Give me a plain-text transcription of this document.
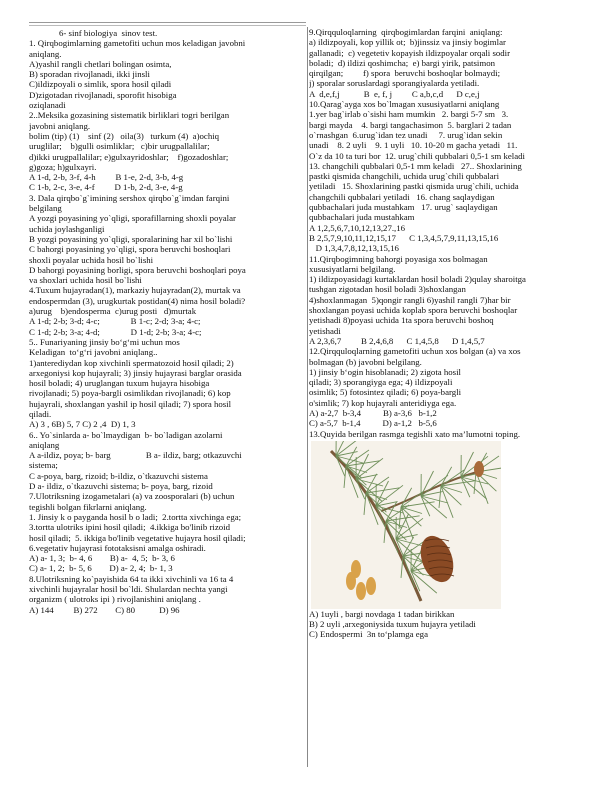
6- sinf biologiya  sinov test.
1. Qirqbogimlarning gametofiti uchun mos keladigan javobni
aniqlang.
A)yashil rangli chetlari bolingan osimta,
B) sporadan rivojlanadi, ikki jinsli
C)ildizpoyali o simlik, spora hosil qiladi
D)zigotadan rivojlanadi, sporofit hisobiga
oziqlanadi
2..Meksika gozasining sistematik birliklari togri berilgan
javobni aniqlang.
bolim (tip) (1)    sinf (2)   oila(3)   turkum (4)  a)ochiq
uruglilar;    b)gulli osimliklar;   c)bir urugpallalilar;
d)ikki urugpallalilar; e)gulxayridoshlar;    f)gozadoshlar;
g)goza; h)gulxayri.
A 1-d, 2-b, 3-f, 4-h         B 1-e, 2-d, 3-b, 4-g
C 1-b, 2-c, 3-e, 4-f         D 1-b, 2-d, 3-e, 4-g
3. Dala qirqbo`g`imining sershox qirqbo`g`imdan farqini
belgilang
A yozgi poyasining yo`qligi, sporafillarning shoxli poyalar
uchida joylashganligi
B yozgi poyasining yo`qligi, sporalarining har xil bo`lishi
C bahorgi poyasining yo`qligi, spora beruvchi boshoqlari
shoxli poyalar uchida hosil bo`lishi
D bahorgi poyasining borligi, spora beruvchi boshoqlari poya
va shoxlari uchida hosil bo`lishi
4.Tuxum hujayradan(1), markaziy hujayradan(2), murtak va
endospermdan (3), urugkurtak postidan(4) nima hosil boladi?
a)urug    b)endosperma  c)urug posti   d)murtak
A 1-d; 2-b; 3-d; 4-c;              B 1-c; 2-d; 3-a; 4-c;
C 1-d; 2-b; 3-a; 4-d;              D 1-d; 2-b; 3-a; 4-c;
5.. Funariyaning jinsiy bo‘g‘mi uchun mos
Keladigan  to‘g‘ri javobni aniqlang..
1)anterediydan kop xivchinli spermatozoid hosil qiladi; 2)
arxegoniysi kop hujayrali; 3) jinsiy hujayrasi barglar orasida
hosil boladi; 4) uruglangan tuxum hujayra hisobiga
rivojlanadi; 5) poya-bargli osimlikdan rivojlanadi; 6) kop
hujayrali, shoxlangan yashil ip hosil qiladi; 7) spora hosil
qiladi.
A) 3 , 6B) 5, 7 C) 2 ,4  D) 1, 3
6.. Yo`sinlarda a- bo`lmaydigan  b- bo`ladigan azolarni
aniqlang
A a-ildiz, poya; b- barg                B a- ildiz, barg; otkazuvchi
sistema;
C a-poya, barg, rizoid; b-ildiz, o`tkazuvchi sistema
D a- ildiz, o`tkazuvchi sistema; b- poya, barg, rizoid
7.Ulotriksning izogametalari (a) va zoosporalari (b) uchun
tegishli bolgan fikrlarni aniqlang.
1. Jinsiy k o payganda hosil b o ladi;  2.tortta xivchinga ega;
3.tortta ulotriks ipini hosil qiladi;  4.ikkiga bo'linib rizoid
hosil qiladi;  5. ikkiga bo'linib vegetative hujayra hosil qiladi;
6.vegetativ hujayrasi fototaksisni amalga oshiradi.
A) a- 1, 3;  b- 4, 6        B) a-  4, 5;  b- 3, 6
C) a- 1, 2;  b- 5, 6        D) a- 2, 4;  b- 1, 3
8.Ulotriksning ko`payishida 64 ta ikki xivchinli va 16 ta 4
xivchinli hujayralar hosil bo`ldi. Shulardan nechta yangi
organizm ( ulotroks ipi ) rivojlanishini aniqlang .
A) 144         B) 272        C) 80           D) 96
9.Qirqquloqlarning  qirqbogimlardan farqini  aniqlang:
a) ildizpoyali, kop yillik ot;  b)jinssiz va jinsiy bogimlar
gallanadi;  c) vegetetiv kopayish ildizpoyalar orqali sodir
boladi;  d) ildizi qoshimcha;  e) bargi yirik, patsimon
qirqilgan;         f) spora  beruvchi boshoqlar bolmaydi;
j) sporalar soruslardagi sporangiyalarda yetiladi.
A  d,e,f,j           B  e, f, j         C a,b,c,d      D c,e,j
10.Qarag`ayga xos bo`lmagan xususiyatlarni aniqlang
1.yer bag`irlab o`sishi ham mumkin   2. bargi 5-7 sm   3.
bargi mayda    4. bargi tangachasimon  5. barglari 2 tadan
o`rnashgan  6.urug`idan tez unadi     7. urug`idan sekin
unadi    8. 2 uyli    9. 1 uyli   10. 10-20 m gacha yetadi   11.
O`z da 10 ta turi bor  12. urug`chili qubbalari 0,5-1 sm keladi
13. changchili qubbalari 0,5-1 mm keladi   27.. Shoxlarining
pastki qismida changchili, uchida urug`chili qubbalari
yetiladi   15. Shoxlarining pastki qismida urug`chili, uchida
changchili qubbalari yetiladi   16. chang saqlaydigan
qubbachalari juda mustahkam   17. urug` saqlaydigan
qubbachalari juda mustahkam
A 1,2,5,6,7,10,12,13,27.,16
B 2,5,7,9,10,11,12,15,17      C 1,3,4,5,7,9,11,13,15,16
D 1,3,4,7,8,12,13,15,16
11.Qirqbogimning bahorgi poyasiga xos bolmagan
xususiyatlarni belgilang.
1) ildizpoyasidagi kurtaklardan hosil boladi 2)qulay sharoitga
tushgan zigotadan hosil boladi 3)shoxlangan
4)shoxlanmagan  5)qongir rangli 6)yashil rangli 7)har bir
shoxlangan poyasi uchida koplab spora beruvchi boshoqlar
yetishadi 8)poyasi uchida 1ta spora beruvchi boshoq
yetishadi
A 2,3,6,7         B 2,4,6,8      C 1,4,5,8      D 1,4,5,7
12.Qirqquloqlarning gametofiti uchun xos bolgan (a) va xos
bolmagan (b) javobni belgilang.
1) jinsiy b‘ogin hisoblanadi; 2) zigota hosil
qiladi; 3) sporangiyga ega; 4) ildizpoyali
osimlik; 5) fotosintez qiladi; 6) poya-bargli
o'simlik; 7) kop hujayrali anteridiyga ega.
A) a-2,7  b-3,4          B) a-3,6   b-1,2
C) a-5,7  b-1,4          D) a-1,2   b-5,6
13.Quyida berilgan rasmga tegishli xato ma’lumotni toping.
A) 1uyli , bargi novdaga 1 tadan birikkan
B) 2 uyli ,arxegoniysida tuxum hujayra yetiladi
C) Endospermi  3n to‘plamga ega
